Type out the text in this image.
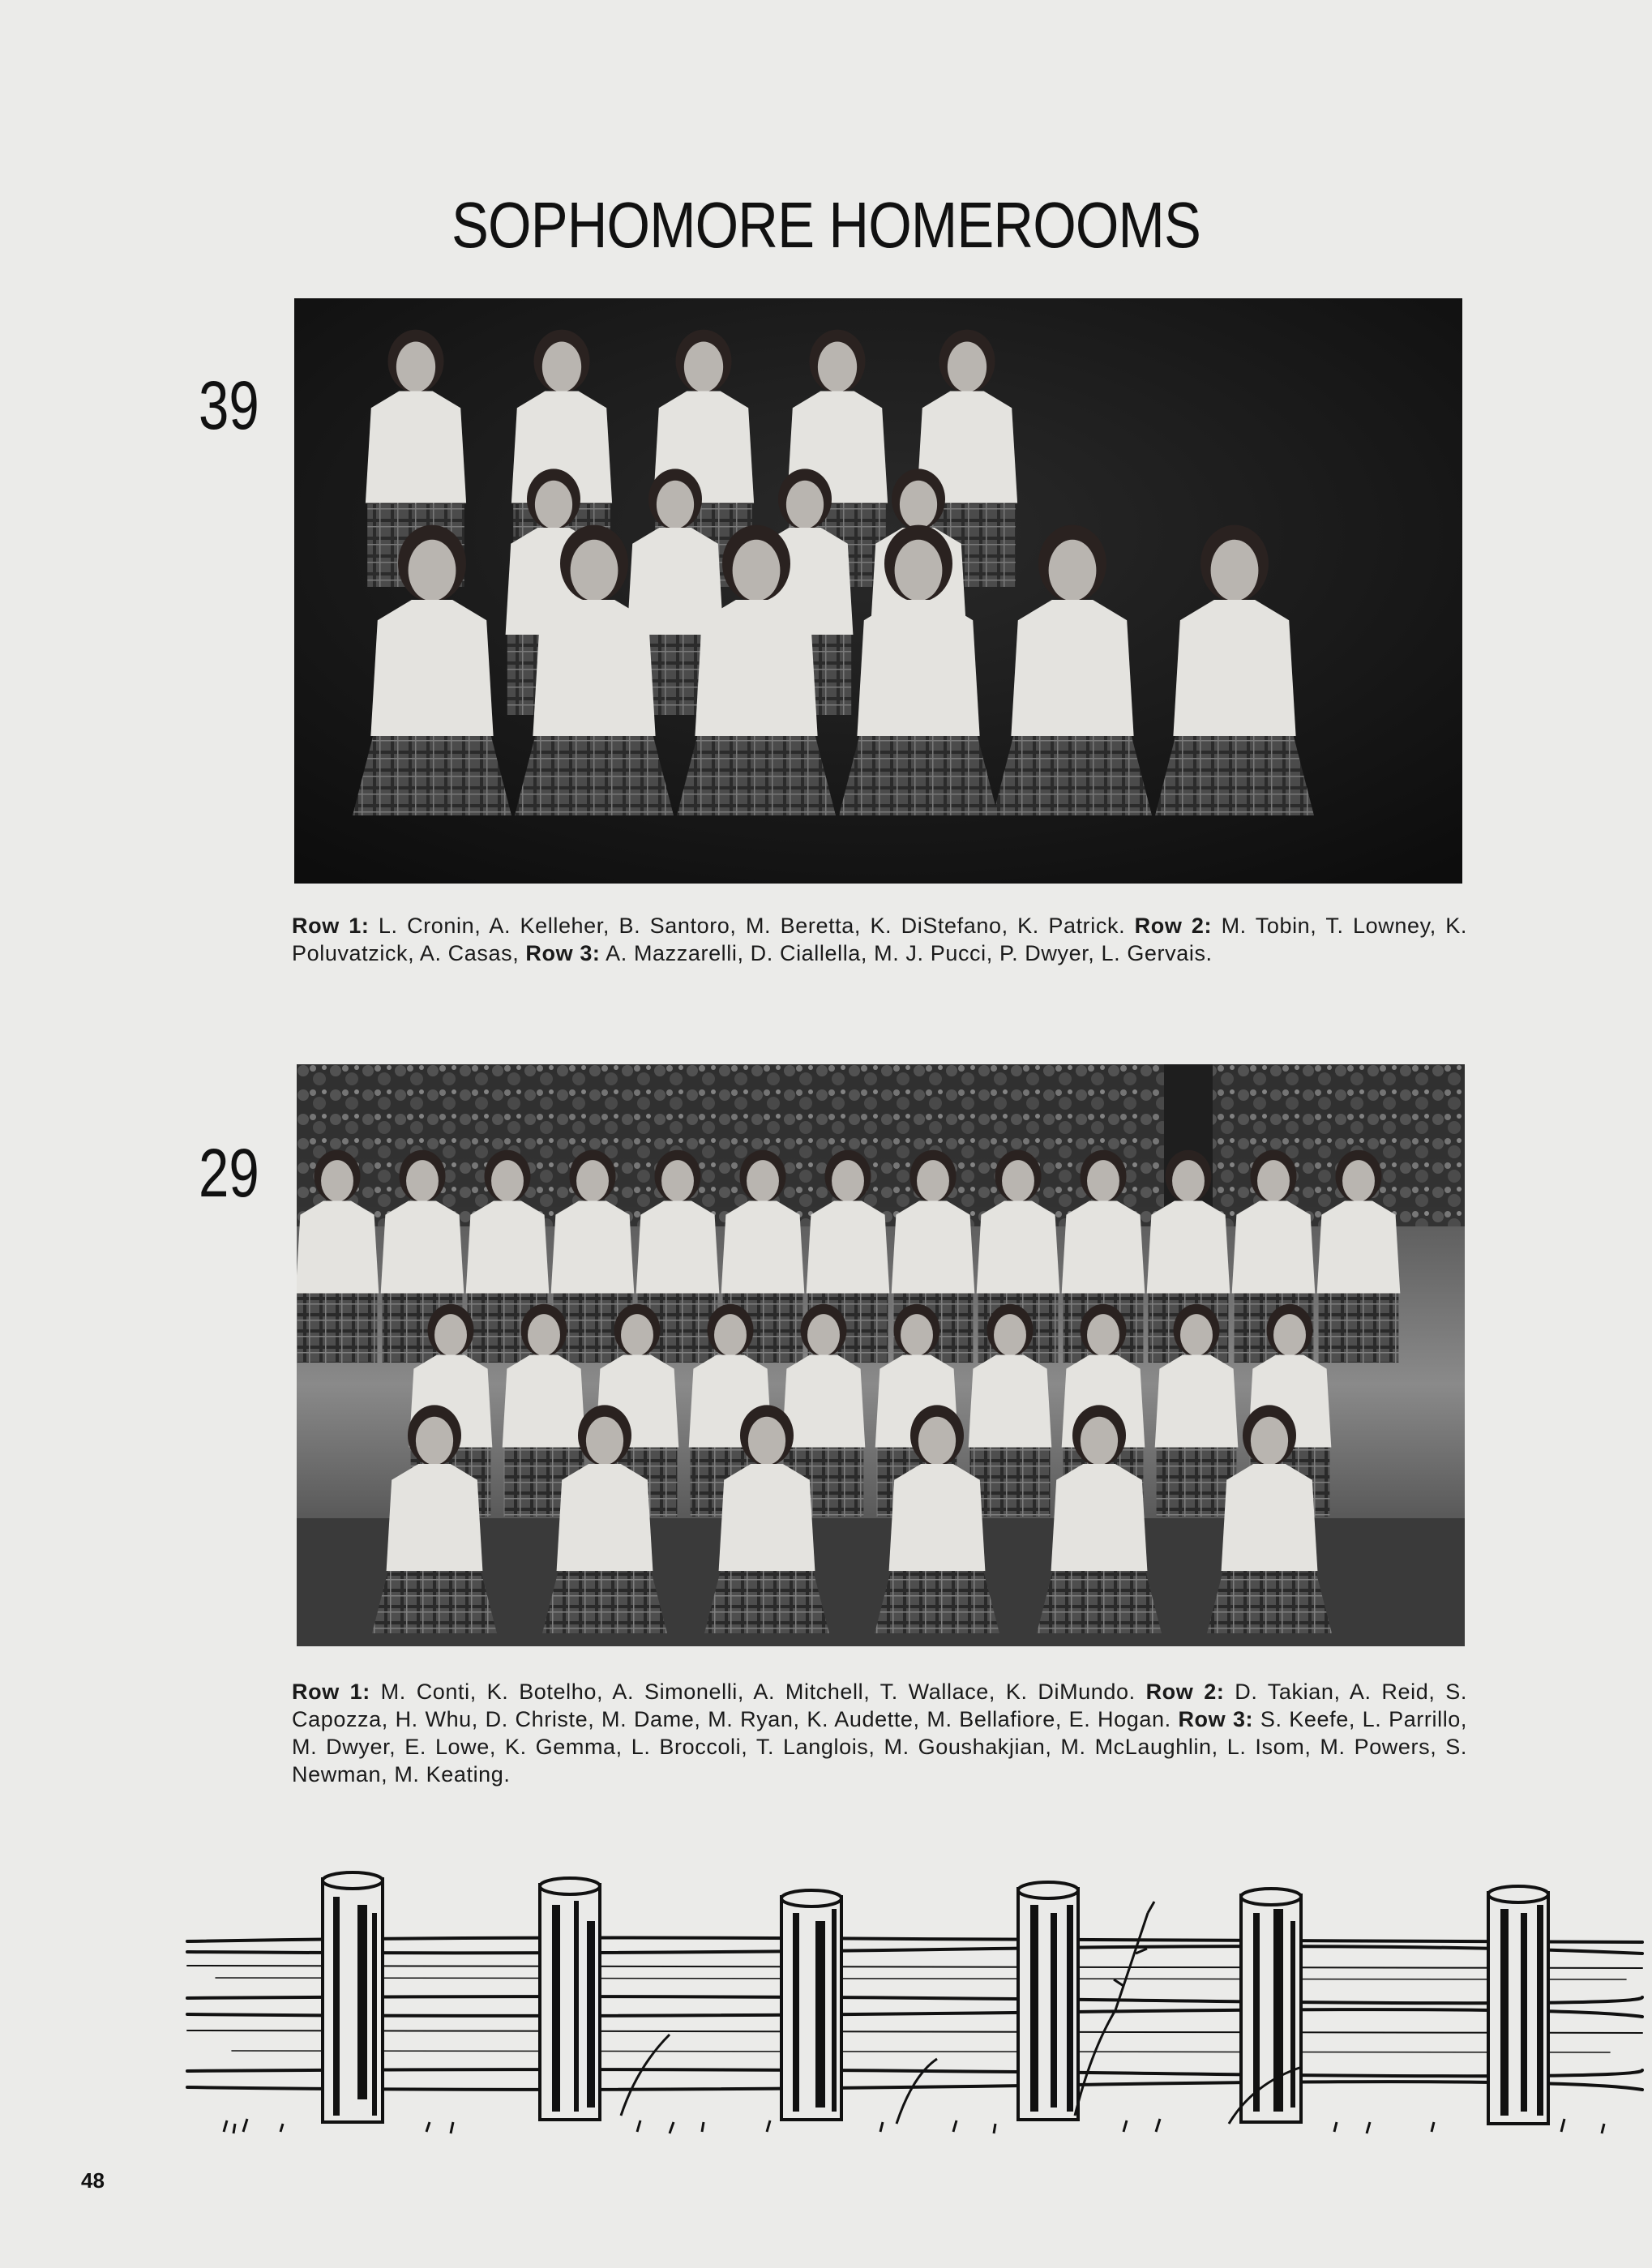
SOPHOMORE HOMEROOMS
39
Row 1: L. Cronin, A. Kelleher, B. Santoro, M. Beretta, K. DiStefano, K. Patrick. Row 2: M. Tobin, T. Lowney, K. Poluvatzick, A. Casas, Row 3: A. Mazzarelli, D. Ciallella, M. J. Pucci, P. Dwyer, L. Gervais.
29
Row 1: M. Conti, K. Botelho, A. Simonelli, A. Mitchell, T. Wallace, K. DiMundo. Row 2: D. Takian, A. Reid, S. Capozza, H. Whu, D. Christe, M. Dame, M. Ryan, K. Audette, M. Bellafiore, E. Hogan. Row 3: S. Keefe, L. Parrillo, M. Dwyer, E. Lowe, K. Gemma, L. Broccoli, T. Langlois, M. Goushakjian, M. McLaughlin, L. Isom, M. Powers, S. Newman, M. Keating.
48
